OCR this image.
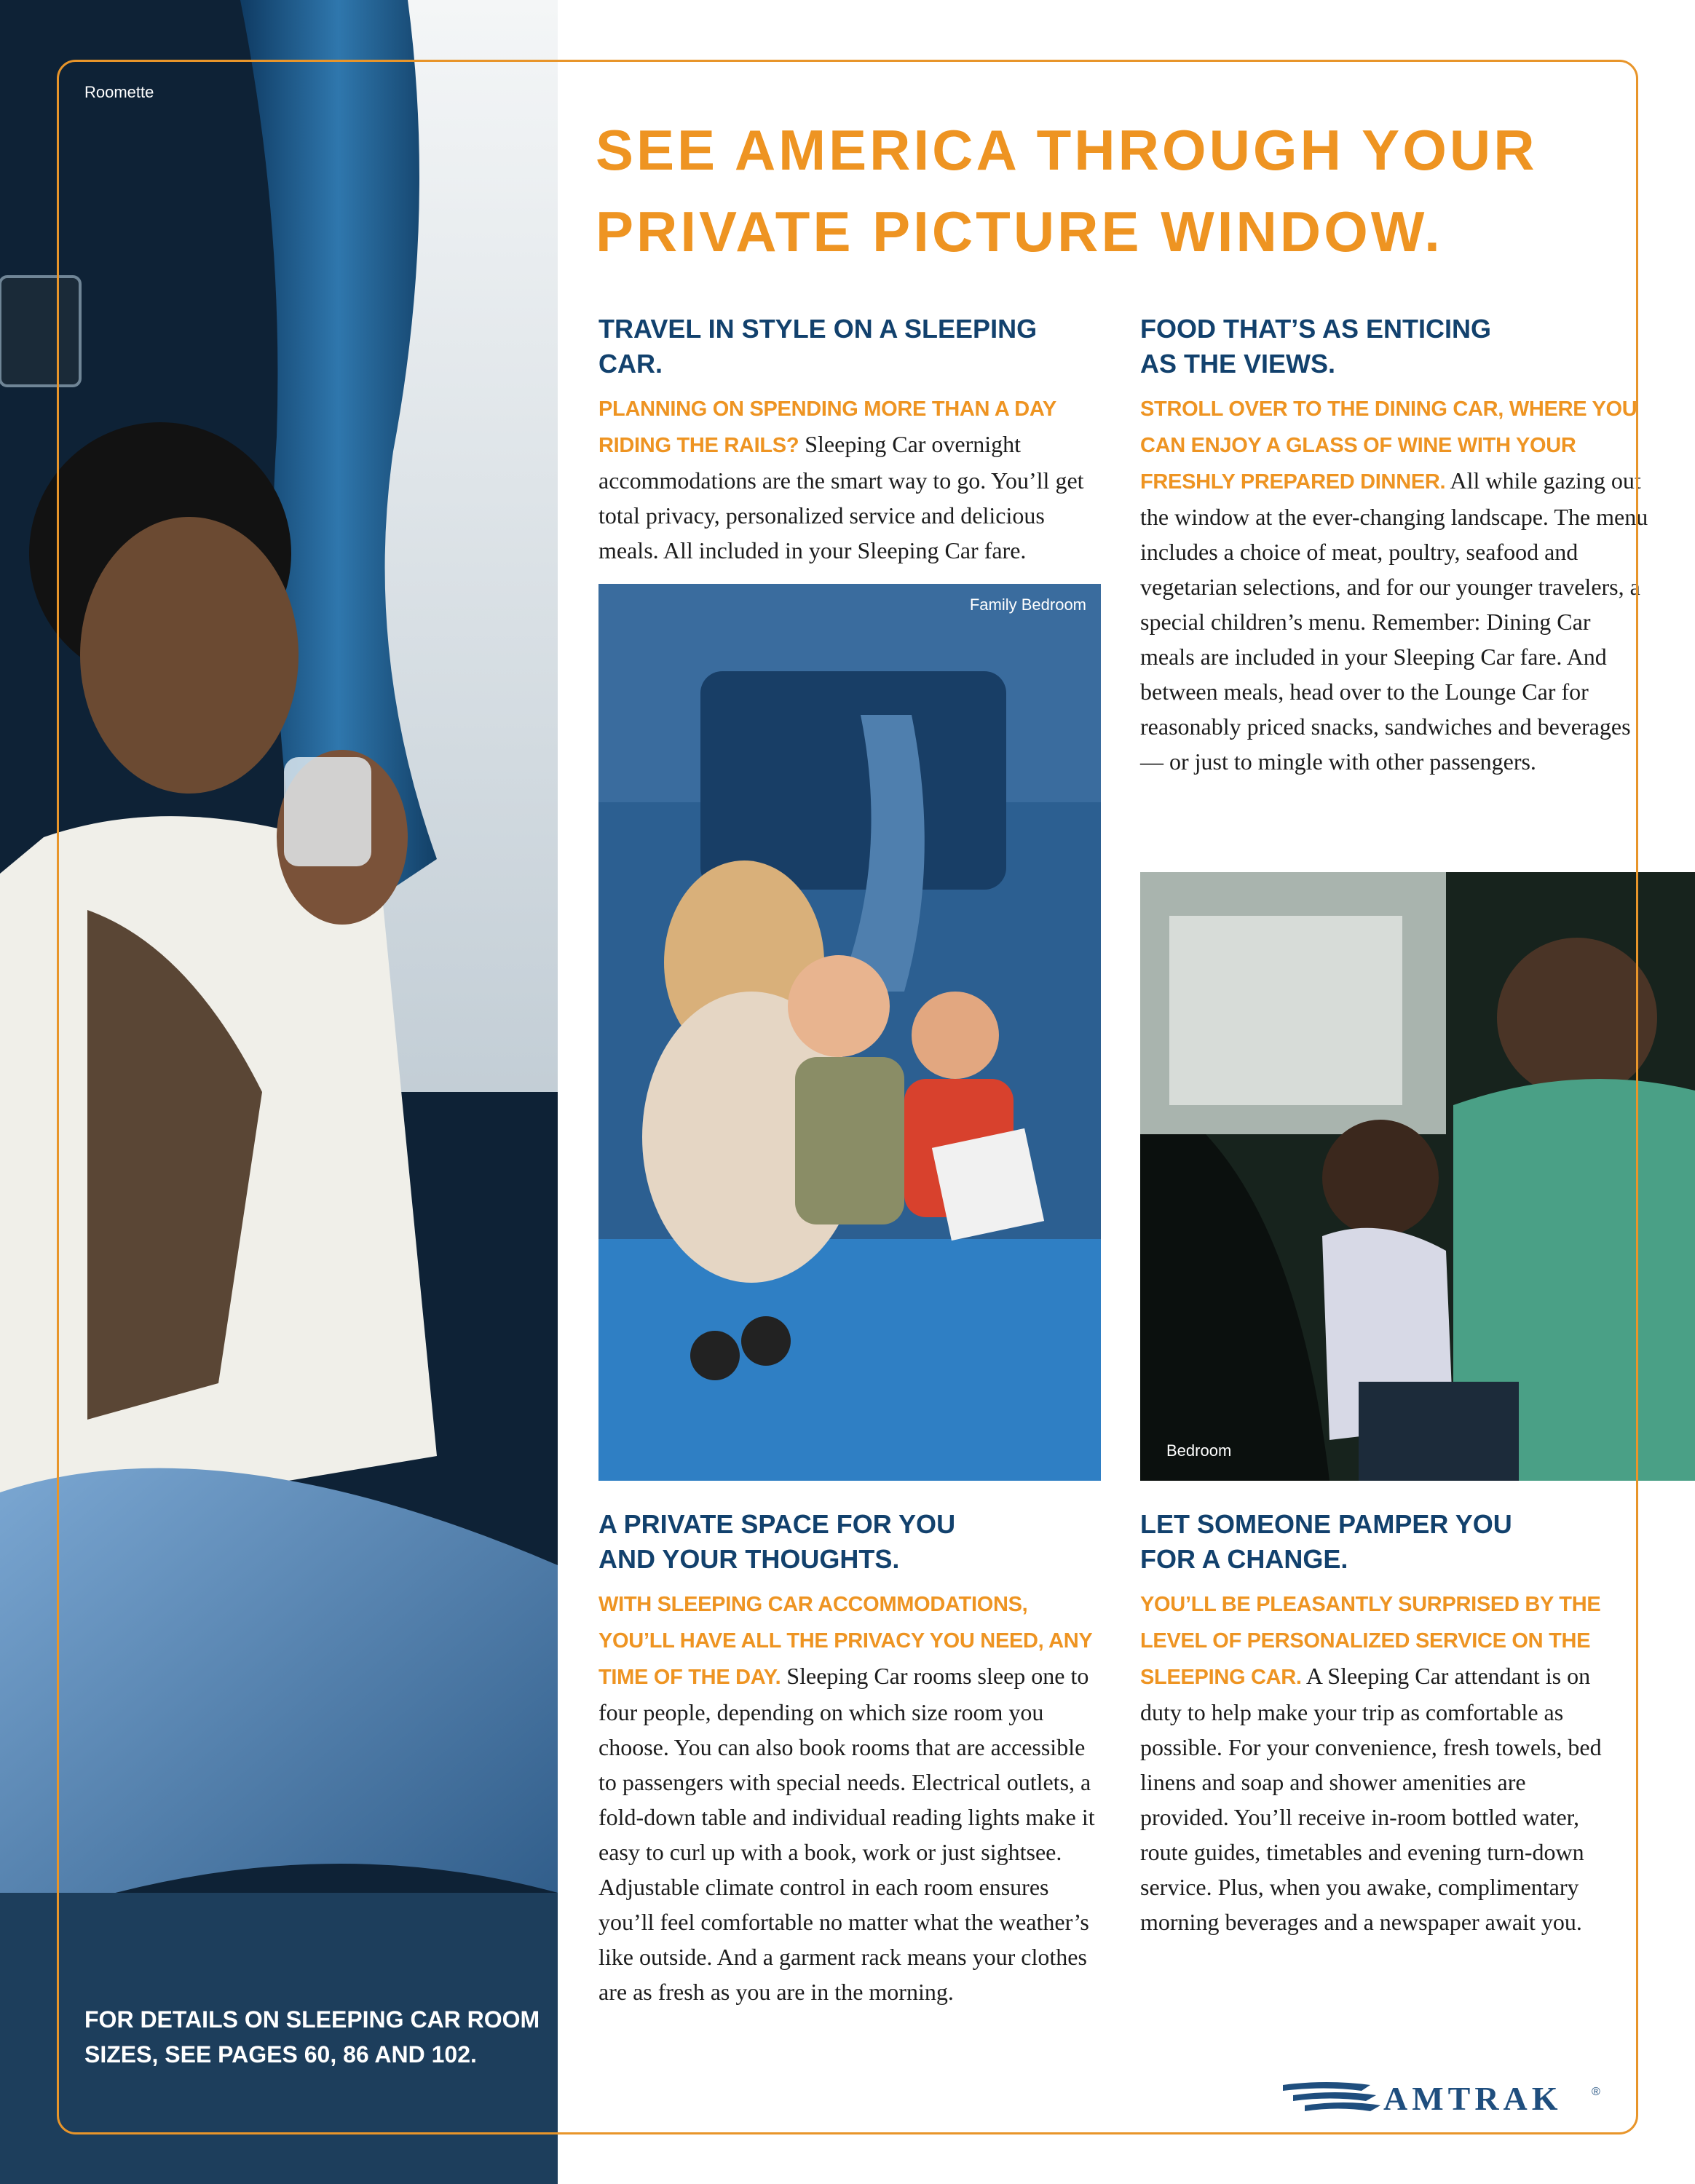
Roomette
SEE AMERICA THROUGH YOUR
PRIVATE PICTURE WINDOW.
TRAVEL IN STYLE ON A SLEEPING CAR.

PLANNING ON SPENDING MORE THAN A DAY RIDING THE RAILS? Sleeping Car overnight accommodations are the smart way to go. You’ll get total privacy, personalized service and delicious meals. All included in your Sleeping Car fare.

FOOD THAT’S AS ENTICING AS THE VIEWS.

STROLL OVER TO THE DINING CAR, WHERE YOU CAN ENJOY A GLASS OF WINE WITH YOUR FRESHLY PREPARED DINNER. All while gazing out the window at the ever-changing landscape. The menu includes a choice of meat, poultry, seafood and vegetarian selections, and for our younger travelers, a special children’s menu. Remember: Dining Car meals are included in your Sleeping Car fare. And between meals, head over to the Lounge Car for reasonably priced snacks, sandwiches and beverages — or just to mingle with other passengers.

Family Bedroom
Bedroom
A PRIVATE SPACE FOR YOU AND YOUR THOUGHTS.

WITH SLEEPING CAR ACCOMMODATIONS, YOU’LL HAVE ALL THE PRIVACY YOU NEED, ANY TIME OF THE DAY. Sleeping Car rooms sleep one to four people, depending on which size room you choose. You can also book rooms that are accessible to passengers with special needs. Electrical outlets, a fold-down table and individual reading lights make it easy to curl up with a book, work or just sightsee. Adjustable climate control in each room ensures you’ll feel comfortable no matter what the weather’s like outside. And a garment rack means your clothes are as fresh as you are in the morning.

LET SOMEONE PAMPER YOU FOR A CHANGE.

YOU’LL BE PLEASANTLY SURPRISED BY THE LEVEL OF PERSONALIZED SERVICE ON THE SLEEPING CAR. A Sleeping Car attendant is on duty to help make your trip as comfortable as possible. For your convenience, fresh towels, bed linens and soap and shower amenities are provided. You’ll receive in-room bottled water, route guides, timetables and evening turn-down service. Plus, when you awake, complimentary morning beverages and a newspaper await you.

FOR DETAILS ON SLEEPING CAR ROOM SIZES, SEE PAGES 60, 86 AND 102.
AMTRAK	®
